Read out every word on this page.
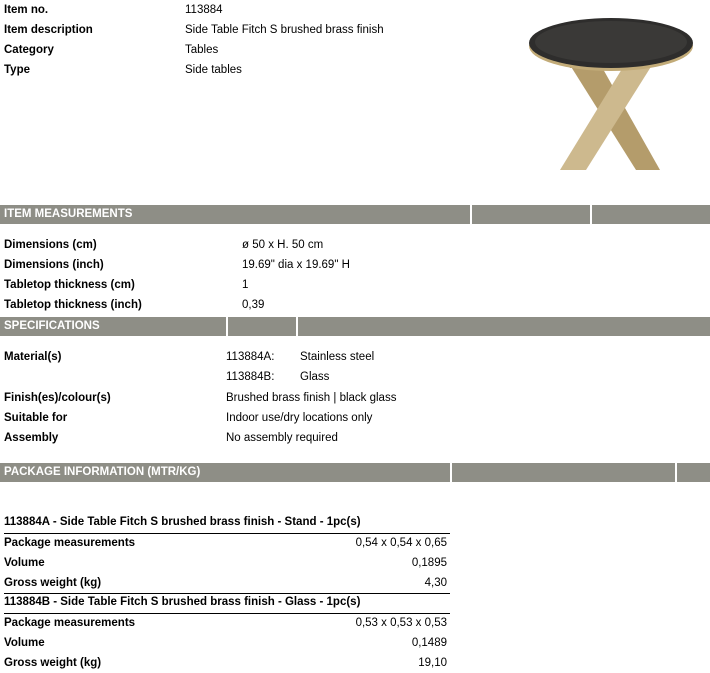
Item no.	113884
Item description	Side Table Fitch S brushed brass finish
Category	Tables
Type	Side tables
ITEM MEASUREMENTS
Dimensions (cm)	ø 50 x H. 50 cm
Dimensions (inch)	19.69" dia x 19.69" H
Tabletop thickness (cm)	1
Tabletop thickness (inch)	0,39
SPECIFICATIONS
Material(s)	113884A: Stainless steel
113884B: Glass
Finish(es)/colour(s)	Brushed brass finish | black glass
Suitable for	Indoor use/dry locations only
Assembly	No assembly required
PACKAGE INFORMATION (MTR/KG)
113884A - Side Table Fitch S brushed brass finish - Stand - 1pc(s)
Package measurements	0,54 x 0,54 x 0,65
Volume	0,1895
Gross weight (kg)	4,30
113884B - Side Table Fitch S brushed brass finish - Glass - 1pc(s)
Package measurements	0,53 x 0,53 x 0,53
Volume	0,1489
Gross weight (kg)	19,10
